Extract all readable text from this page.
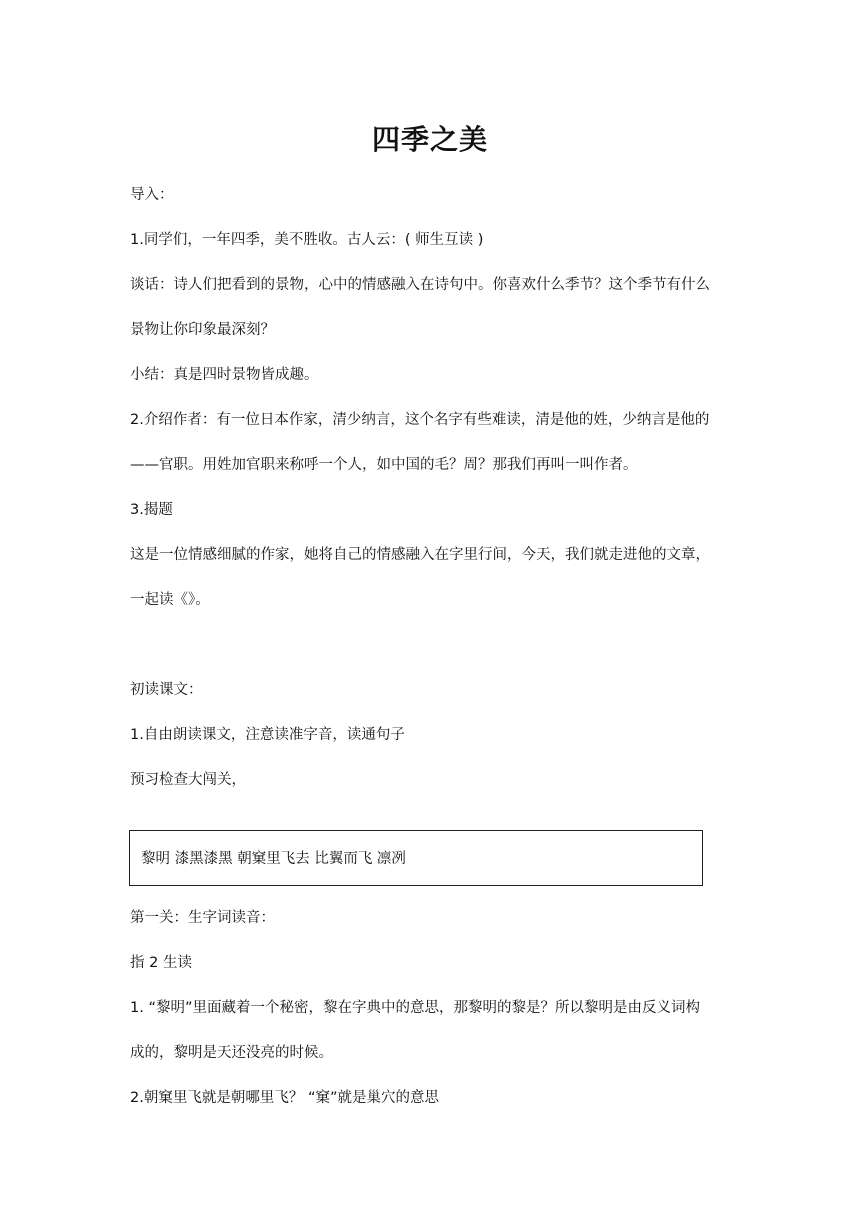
四季之美
导入：
1.同学们，一年四季，美不胜收。古人云：( 师生互读 )
谈话：诗人们把看到的景物，心中的情感融入在诗句中。你喜欢什么季节？这个季节有什么
景物让你印象最深刻？
小结：真是四时景物皆成趣。
2.介绍作者：有一位日本作家，清少纳言，这个名字有些难读，清是他的姓，少纳言是他的
——官职。用姓加官职来称呼一个人，如中国的毛？周？那我们再叫一叫作者。
3.揭题
这是一位情感细腻的作家，她将自己的情感融入在字里行间，今天，我们就走进他的文章，
一起读《》。
初读课文：
1.自由朗读课文，注意读准字音，读通句子
预习检查大闯关，
黎明 漆黑漆黑 朝窠里飞去 比翼而飞 凛冽
第一关：生字词读音：
指 2 生读
1. “黎明”里面藏着一个秘密，黎在字典中的意思，那黎明的黎是？所以黎明是由反义词构
成的，黎明是天还没亮的时候。
2.朝窠里飞就是朝哪里飞？ “窠”就是巢穴的意思
